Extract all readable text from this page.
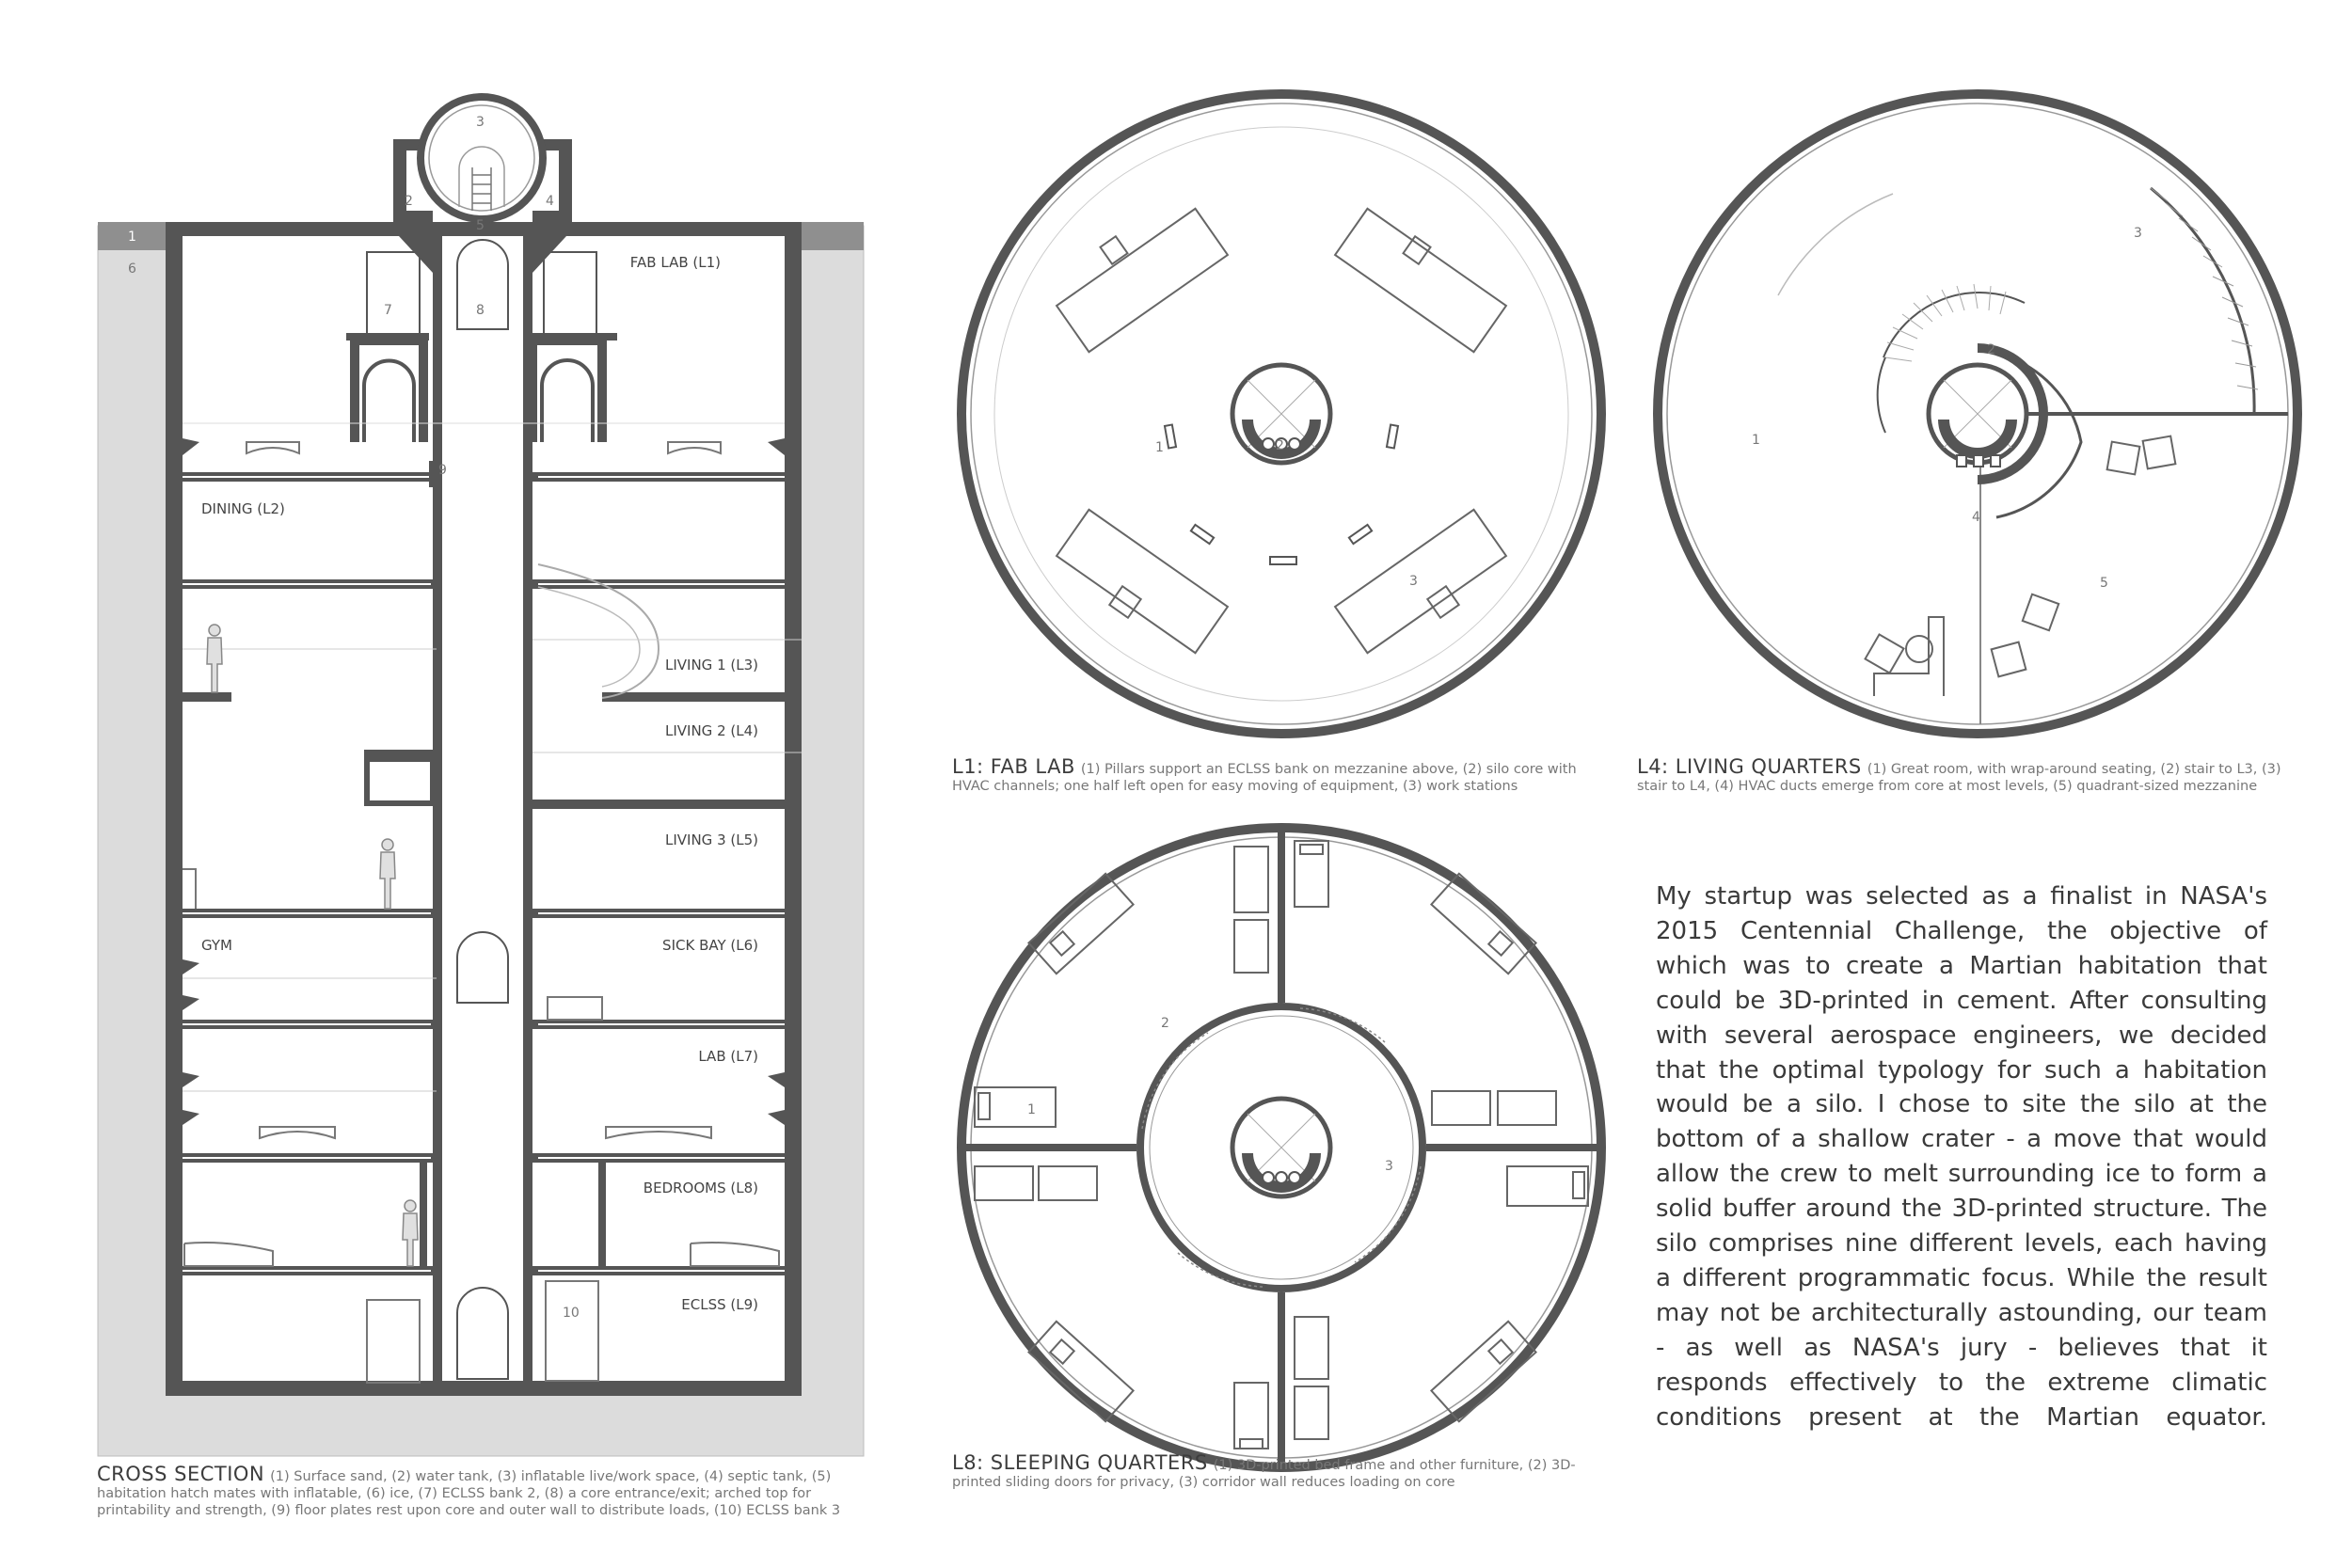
FAB LAB (L1)
DINING (L2)
LIVING 1 (L3)
LIVING 2 (L4)
LIVING 3 (L5)
GYM	SICK BAY (L6)
LAB (L7)
BEDROOMS (L8)
ECLSS (L9)
1
2
3
4
5
6
7	8
9
10
CROSS SECTION (1) Surface sand, (2) water tank, (3) inflatable live/work space, (4) septic tank, (5) habitation hatch mates with inflatable, (6) ice, (7) ECLSS bank 2, (8) a core entrance/exit; arched top for printability and strength, (9) floor plates rest upon core and outer wall to distribute loads, (10) ECLSS bank 3
1	2
3
L1: FAB LAB (1) Pillars support an ECLSS bank on mezzanine above, (2) silo core with HVAC channels; one half left open for easy moving of equipment, (3) work stations
1
2
3
4
5
L4: LIVING QUARTERS (1) Great room, with wrap-around seating, (2) stair to L3, (3) stair to L4, (4) HVAC ducts emerge from core at most levels, (5) quadrant-sized mezzanine
1
2
3
L8: SLEEPING QUARTERS (1) 3D-printed bed frame and other furniture, (2) 3D-printed sliding doors for privacy, (3) corridor wall reduces loading on core
My startup was selected as a finalist in NASA's 2015 Centennial Challenge, the objective of which was to create a Martian habitation that could be 3D-printed in cement. After consulting with several aerospace engineers, we decided that the optimal typology for such a habitation would be a silo. I chose to site the silo at the bottom of a shallow crater - a move that would allow the crew to melt surrounding ice to form a solid buffer around the 3D-printed structure. The silo comprises nine different levels, each having a different programmatic focus. While the result may not be architecturally astounding, our team - as well as NASA's jury - believes that it responds effectively to the extreme climatic conditions present at the Martian equator.
